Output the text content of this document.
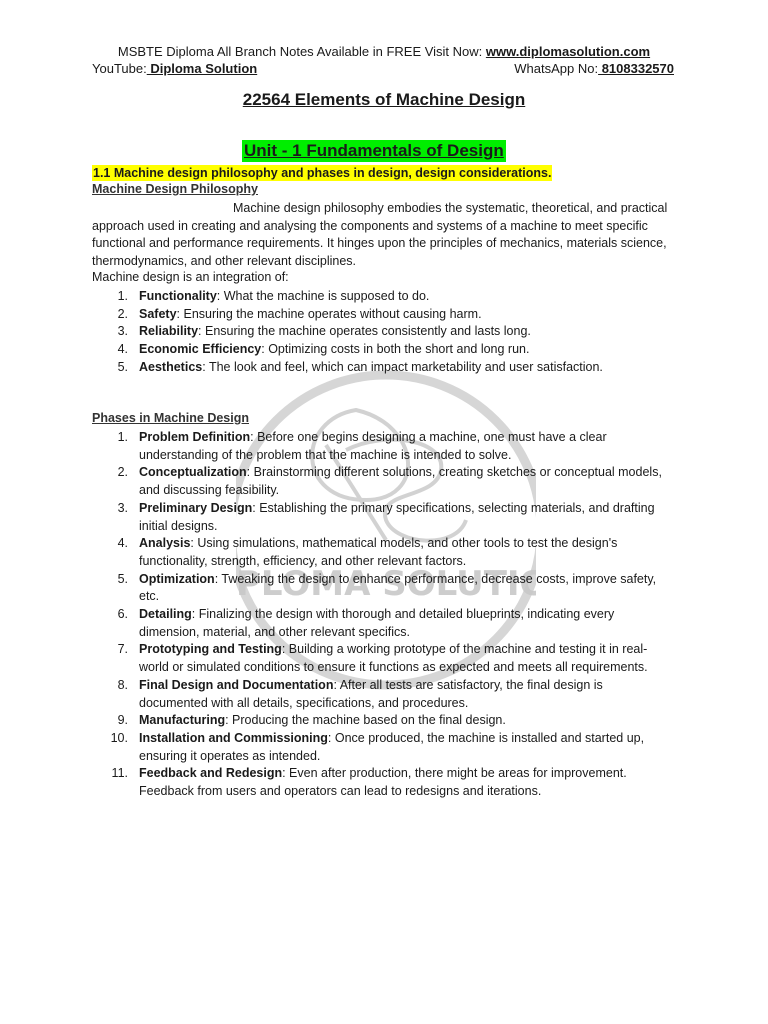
PLOMA SOLUTIO
MSBTE Diploma All Branch Notes Available in FREE Visit Now: www.diplomasolution.com
YouTube: Diploma Solution	WhatsApp No: 8108332570
22564 Elements of Machine Design
Unit - 1 Fundamentals of Design
1.1 Machine design philosophy and phases in design, design considerations.
Machine Design Philosophy

Machine design philosophy embodies the systematic, theoretical, and practical approach used in creating and analysing the components and systems of a machine to meet specific functional and performance requirements. It hinges upon the principles of mechanics, materials science, thermodynamics, and other relevant disciplines.

Machine design is an integration of:
1. Functionality: What the machine is supposed to do.
2. Safety: Ensuring the machine operates without causing harm.
3. Reliability: Ensuring the machine operates consistently and lasts long.
4. Economic Efficiency: Optimizing costs in both the short and long run.
5. Aesthetics: The look and feel, which can impact marketability and user satisfaction.
Phases in Machine Design
1. Problem Definition: Before one begins designing a machine, one must have a clear understanding of the problem that the machine is intended to solve.
2. Conceptualization: Brainstorming different solutions, creating sketches or conceptual models, and discussing feasibility.
3. Preliminary Design: Establishing the primary specifications, selecting materials, and drafting initial designs.
4. Analysis: Using simulations, mathematical models, and other tools to test the design's functionality, strength, efficiency, and other relevant factors.
5. Optimization: Tweaking the design to enhance performance, decrease costs, improve safety, etc.
6. Detailing: Finalizing the design with thorough and detailed blueprints, indicating every dimension, material, and other relevant specifics.
7. Prototyping and Testing: Building a working prototype of the machine and testing it in real-world or simulated conditions to ensure it functions as expected and meets all requirements.
8. Final Design and Documentation: After all tests are satisfactory, the final design is documented with all details, specifications, and procedures.
9. Manufacturing: Producing the machine based on the final design.
10. Installation and Commissioning: Once produced, the machine is installed and started up, ensuring it operates as intended.
11. Feedback and Redesign: Even after production, there might be areas for improvement. Feedback from users and operators can lead to redesigns and iterations.
